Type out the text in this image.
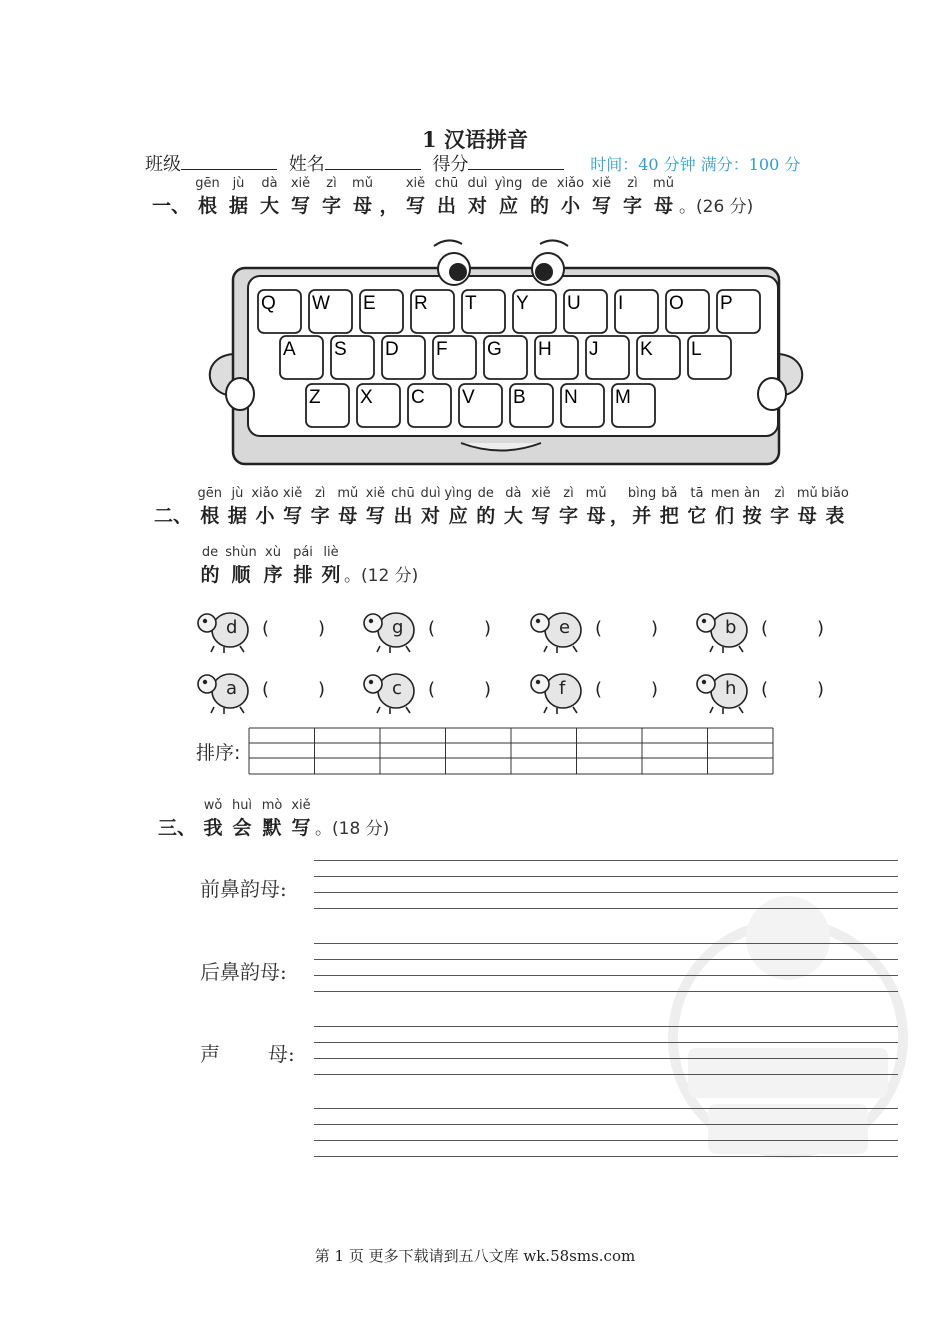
1 汉语拼音
班级	姓名	得分	时间：40 分钟 满分：100 分

一、
gēn
根
jù
据
dà
大
xiě
写
zì
字
mǔ
母
，
xiě
写
chū
出
duì
对
yìng
应
de
的
xiǎo
小
xiě
写
zì
字
mǔ
母
。(26 分)
Q W E R T Y U I O P
A S D F G H J K L
Z X C V B N M

二、
gēn
根
jù
据
xiǎo
小
xiě
写
zì
字
mǔ
母
xiě
写
chū
出
duì
对
yìng
应
de
的
dà
大
xiě
写
zì
字
mǔ
母
，
bìng
并
bǎ
把
tā
它
men
们
àn
按
zì
字
mǔ
母
biǎo
表
de
的
shùn
顺
xù
序
pái
排
liè
列
。(12 分)
d (	)	g (	)	e (	)	b (	)
a (	)	c (	)	f (	)	h (	)
排序:

三、
wǒ
我
huì
会
mò
默
xiě
写
。(18 分)
前鼻韵母:
后鼻韵母:
声 母:
第 1 页 更多下载请到五八文库 wk.58sms.com
